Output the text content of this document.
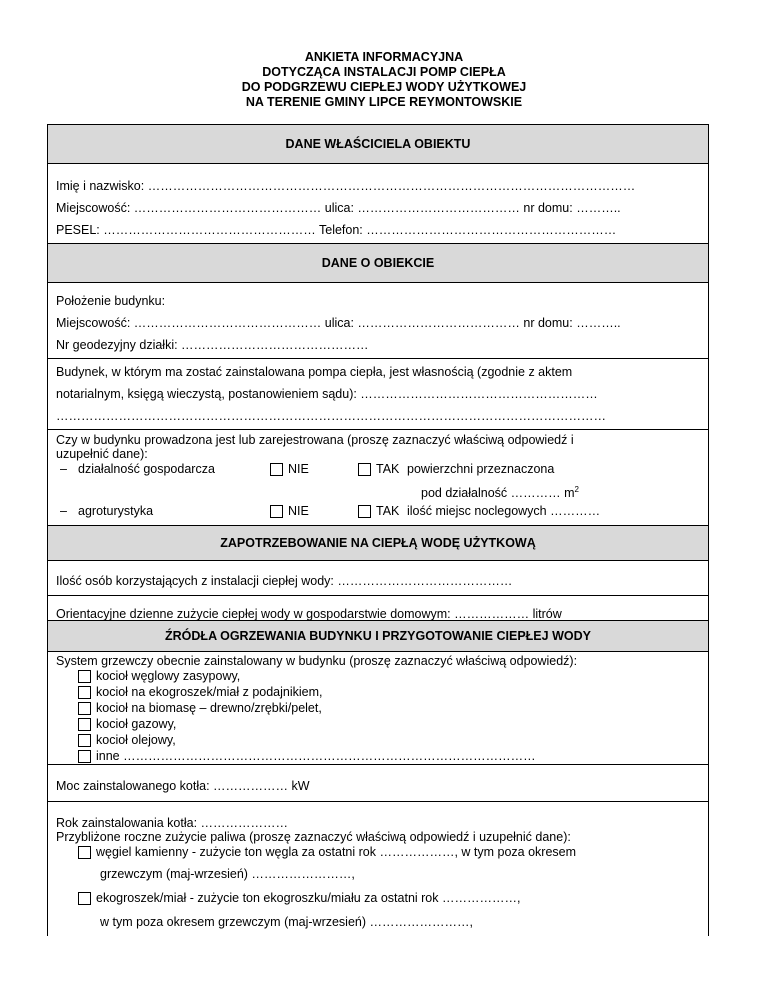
ANKIETA INFORMACYJNA
DOTYCZĄCA INSTALACJI POMP CIEPŁA
DO PODGRZEWU CIEPŁEJ WODY UŻYTKOWEJ
NA TERENIE GMINY LIPCE REYMONTOWSKIE
DANE WŁAŚCICIELA OBIEKTU
Imię i nazwisko: ………………………………………………………………………………………………………
Miejscowość: ……………………………………… ulica: ………………………………… nr domu: ………..
PESEL: …………………………………………… Telefon: ……………………………………………………
DANE O OBIEKCIE
Położenie budynku:
Miejscowość: ……………………………………… ulica: ………………………………… nr domu: ………..
Nr geodezyjny działki: ………………………………………
Budynek, w którym ma zostać zainstalowana pompa ciepła, jest własnością (zgodnie z aktem
notarialnym, księgą wieczystą, postanowieniem sądu): …………………………………………………
……………………………………………………………………………………………………………………
Czy w budynku prowadzona jest lub zarejestrowana (proszę zaznaczyć właściwą odpowiedź i
uzupełnić dane):
– działalność gospodarcza	NIE	TAK powierzchni przeznaczona
pod działalność ………… $m^2$
– agroturystyka	NIE	TAK ilość miejsc noclegowych …………
ZAPOTRZEBOWANIE NA CIEPŁĄ WODĘ UŻYTKOWĄ
Ilość osób korzystających z instalacji ciepłej wody: ……………………………………
Orientacyjne dzienne zużycie ciepłej wody w gospodarstwie domowym: ……………… litrów
ŹRÓDŁA OGRZEWANIA BUDYNKU I PRZYGOTOWANIE CIEPŁEJ WODY
System grzewczy obecnie zainstalowany w budynku (proszę zaznaczyć właściwą odpowiedź):
kocioł węglowy zasypowy,
kocioł na ekogroszek/miał z podajnikiem,
kocioł na biomasę – drewno/zrębki/pelet,
kocioł gazowy,
kocioł olejowy,
inne ………………………………………………………………………………………
Moc zainstalowanego kotła: ……………… kW
Rok zainstalowania kotła: …………………
Przybliżone roczne zużycie paliwa (proszę zaznaczyć właściwą odpowiedź i uzupełnić dane):
węgiel kamienny - zużycie ton węgla za ostatni rok ………………, w tym poza okresem
grzewczym (maj-wrzesień) ……………………,
ekogroszek/miał - zużycie ton ekogroszku/miału za ostatni rok ………………,
w tym poza okresem grzewczym (maj-wrzesień) ……………………,
